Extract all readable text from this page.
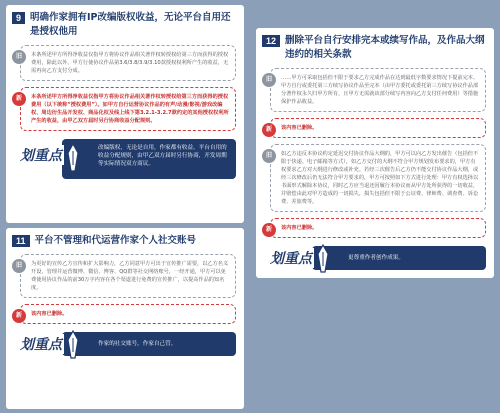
9 明确作家拥有IP改编版权收益，无论平台自用还是授权他用
旧	本条所述甲方所得净收益仅指甲方将协议作品相关著作权转授权给第三方而获得的授权费用，除此以外，甲方行使协议作品第3.6/3.8/3.9/3.10款授权权利所产生的收益，无需再向乙方支付分成。
新	本条所述甲方所得净收益仅指甲方将协议作品相关著作权转授权给第三方而获得的授权费用（以下统称“授权费用”）。如甲方自行运营协议作品的有声/动漫/影视/游戏改编权、周边衍生品开发权、商品化权及线上线下第3.2.1-3.2.7款约定的其他授权权利所产生的收益，由甲乙双方届时另行协商收益分配规则。
划重点
改编版权，无论是自用，作家都有收益。平台自用的收益分配规则，由甲乙双方届时另行协商，开发周期等实际情况双方商议。
11 平台不管理和代运营作家个人社交账号
旧	为更好的宣传乙方宣传和扩大影响力，乙方同意甲方可出于宣传推广需要，以乙方名义开设、管理并运营微博、微信、博客、QQ群等社交网络账号，一经开通，甲方可以免费使用协议作品的前30万字内容在各个渠道进行免费的宣传推广，以提高作品的知名度。
新	该内容已删除。
划重点	作家的社交账号，作家自己管。
12 删除平台自行安排完本或续写作品，及作品大纲违约的相关条款
旧	……甲方可采取包括但不限于要求乙方完成作品在达到最低字数要求情况下提前完本、甲方自行或委托第三方续写协议作品至完本（由甲方委托或委托第三方续写协议作品部分著作权永久归甲方所有，且甲方无需就该部分续写内容向乙方支付任何费用）等措施保护作品收益。
新	该内容已删除。
旧	如乙方违反本协议约定延迟交付协议作品大纲的，甲方可以向乙方发出催告（包括但不限于快递、电子邮箱等方式），如乙方交付的大纲不符合甲方规划发布要求的，甲方有权要求乙方对大纲进行修改或补充。若经三次催告后乙方仍不能交付协议作品大纲，或经三次修改后仍无法符合甲方要求的，甲方可按照如下方式进行处理：甲方有权选择以书面形式解除本协议，同时乙方应当退还因履行本协议而从甲方处所获得的一切收益，并赔偿由此对甲方造成的一切损失，损失包括但不限于公证费、律师费、调查费、诉讼费、差旅费等。
新	该内容已删除。
划重点	更尊重作者创作成果。
